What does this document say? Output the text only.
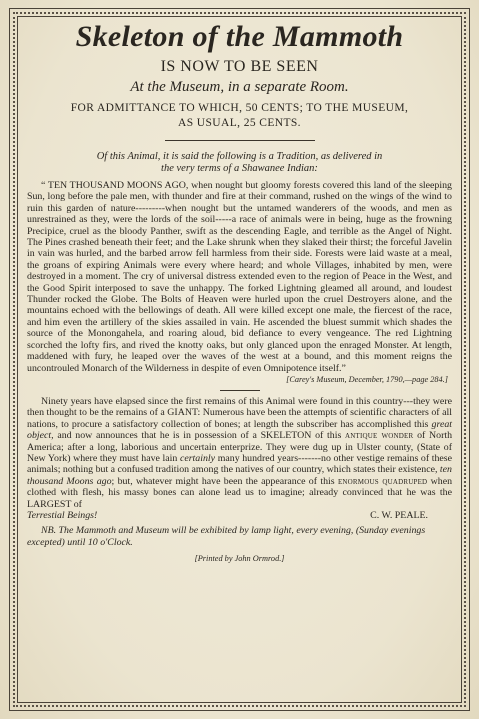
Skeleton of the Mammoth

IS NOW TO BE SEEN

At the Museum, in a separate Room.

FOR ADMITTANCE TO WHICH, 50 CENTS; TO THE MUSEUM,

AS USUAL, 25 CENTS.

Of this Animal, it is said the following is a Tradition, as delivered in
the very terms of a Shawanee Indian:

“ TEN THOUSAND MOONS AGO, when nought but gloomy forests covered this land of the sleeping Sun, long before the pale men, with thunder and fire at their command, rushed on the wings of the wind to ruin this garden of nature---------when nought but the untamed wanderers of the woods, and men as unrestrained as they, were the lords of the soil-----a race of animals were in being, huge as the frowning Precipice, cruel as the bloody Panther, swift as the descending Eagle, and terrible as the Angel of Night. The Pines crashed beneath their feet; and the Lake shrunk when they slaked their thirst; the forceful Javelin in vain was hurled, and the barbed arrow fell harmless from their side. Forests were laid waste at a meal, the groans of expiring Animals were every where heard; and whole Villages, inhabited by men, were destroyed in a moment. The cry of universal distress extended even to the region of Peace in the West, and the Good Spirit interposed to save the unhappy. The forked Lightning gleamed all around, and loudest Thunder rocked the Globe. The Bolts of Heaven were hurled upon the cruel Destroyers alone, and the mountains echoed with the bellowings of death. All were killed except one male, the fiercest of the race, and him even the artillery of the skies assailed in vain. He ascended the bluest summit which shades the source of the Monongahela, and roaring aloud, bid defiance to every vengeance. The red Lightning scorched the lofty firs, and rived the knotty oaks, but only glanced upon the enraged Monster. At length, maddened with fury, he leaped over the waves of the west at a bound, and this moment reigns the uncontrouled Monarch of the Wilderness in despite of even Omnipotence itself.”

[Carey's Museum, December, 1790,—page 284.]

Ninety years have elapsed since the first remains of this Animal were found in this country---they were then thought to be the remains of a GIANT: Numerous have been the attempts of scientific characters of all nations, to procure a satisfactory collection of bones; at length the subscriber has accomplished this great object, and now announces that he is in possession of a SKELETON of this antique wonder of North America; after a long, laborious and uncertain enterprize. They were dug up in Ulster county, (State of New York) where they must have lain certainly many hundred years-------no other vestige remains of these animals; nothing but a confused tradition among the natives of our country, which states their existence, ten thousand Moons ago; but, whatever might have been the appearance of this enormous quadruped when clothed with flesh, his massy bones can alone lead us to imagine; already convinced that he was the LARGEST of

Terrestial Beings!	C. W. PEALE.

NB. The Mammoth and Museum will be exhibited by lamp light, every evening, (Sunday evenings excepted) until 10 o'Clock.

[Printed by John Ormrod.]
